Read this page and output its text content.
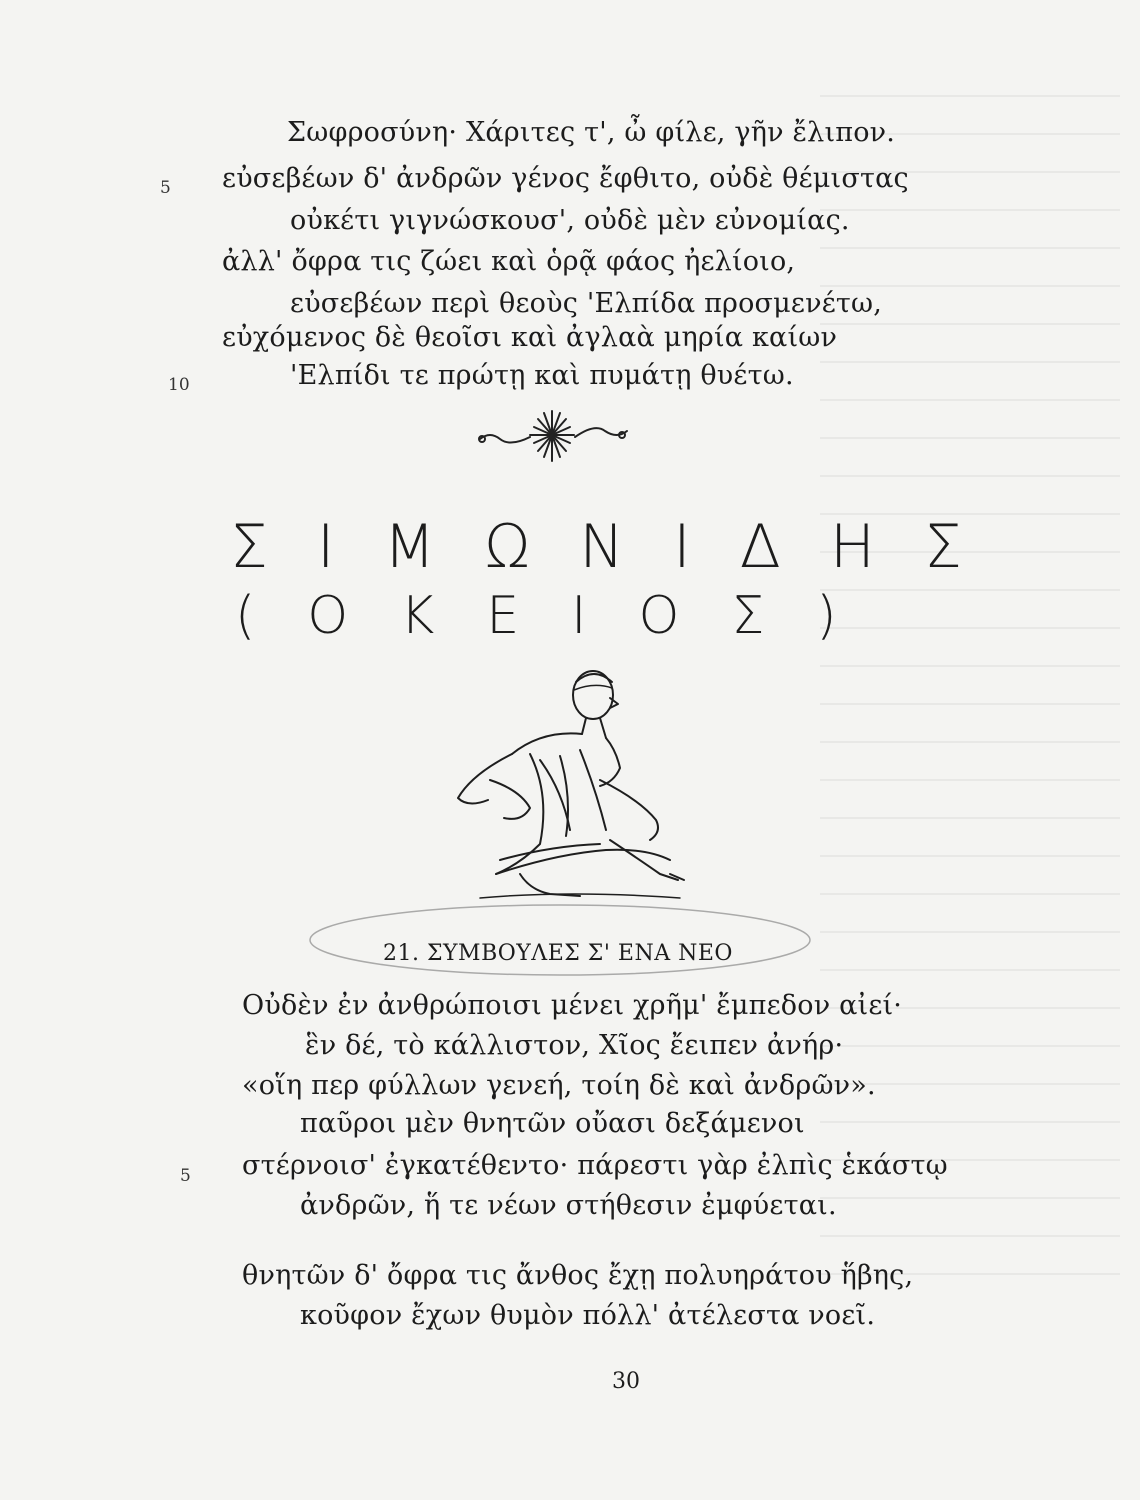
Σωφροσύνη· Χάριτες τ', ὦ φίλε, γῆν ἔλιπον.
5 εὐσεβέων δ' ἀνδρῶν γένος ἔφθιτο, οὐδὲ θέμιστας
οὐκέτι γιγνώσκουσ', οὐδὲ μὲν εὐνομίας.
ἀλλ' ὄφρα τις ζώει καὶ ὁρᾷ φάος ἠελίοιο,
εὐσεβέων περὶ θεοὺς 'Ελπίδα προσμενέτω,
εὐχόμενος δὲ θεοῖσι καὶ ἀγλαὰ μηρία καίων
10	'Ελπίδι τε πρώτῃ καὶ πυμάτῃ θυέτω.
ΣΙΜΩΝΙΔΗΣ
(ΟΚΕΙΟΣ)
21. ΣΥΜΒΟΥΛΕΣ Σ' ΕΝΑ ΝΕΟ
Οὐδὲν ἐν ἀνθρώποισι μένει χρῆμ' ἔμπεδον αἰεί·
ἓν δέ, τὸ κάλλιστον, Χῖος ἔειπεν ἀνήρ·
«οἵη περ φύλλων γενεή, τοίη δὲ καὶ ἀνδρῶν».
παῦροι μὲν θνητῶν οὔασι δεξάμενοι
5 στέρνοισ' ἐγκατέθεντο· πάρεστι γὰρ ἐλπὶς ἑκάστῳ
ἀνδρῶν, ἥ τε νέων στήθεσιν ἐμφύεται.
θνητῶν δ' ὄφρα τις ἄνθος ἔχῃ πολυηράτου ἥβης,
κοῦφον ἔχων θυμὸν πόλλ' ἀτέλεστα νοεῖ.
30
